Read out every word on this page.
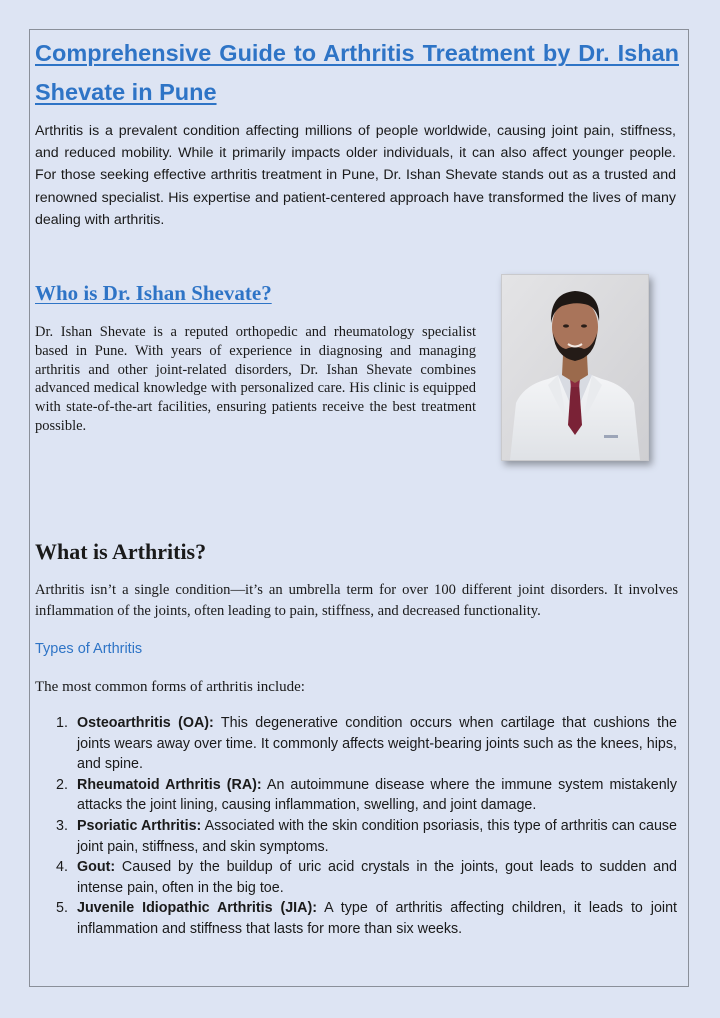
Comprehensive Guide to Arthritis Treatment by Dr. Ishan Shevate in Pune

Arthritis is a prevalent condition affecting millions of people worldwide, causing joint pain, stiffness, and reduced mobility. While it primarily impacts older individuals, it can also affect younger people. For those seeking effective arthritis treatment in Pune, Dr. Ishan Shevate stands out as a trusted and renowned specialist. His expertise and patient-centered approach have transformed the lives of many dealing with arthritis.

Who is Dr. Ishan Shevate?

Dr. Ishan Shevate is a reputed orthopedic and rheumatology specialist based in Pune. With years of experience in diagnosing and managing arthritis and other joint-related disorders, Dr. Ishan Shevate combines advanced medical knowledge with personalized care. His clinic is equipped with state-of-the-art facilities, ensuring patients receive the best treatment possible.

What is Arthritis?

Arthritis isn’t a single condition—it’s an umbrella term for over 100 different joint disorders. It involves inflammation of the joints, often leading to pain, stiffness, and decreased functionality.

Types of Arthritis

The most common forms of arthritis include:

1. Osteoarthritis (OA): This degenerative condition occurs when cartilage that cushions the joints wears away over time. It commonly affects weight-bearing joints such as the knees, hips, and spine.
2. Rheumatoid Arthritis (RA): An autoimmune disease where the immune system mistakenly attacks the joint lining, causing inflammation, swelling, and joint damage.
3. Psoriatic Arthritis: Associated with the skin condition psoriasis, this type of arthritis can cause joint pain, stiffness, and skin symptoms.
4. Gout: Caused by the buildup of uric acid crystals in the joints, gout leads to sudden and intense pain, often in the big toe.
5. Juvenile Idiopathic Arthritis (JIA): A type of arthritis affecting children, it leads to joint inflammation and stiffness that lasts for more than six weeks.
